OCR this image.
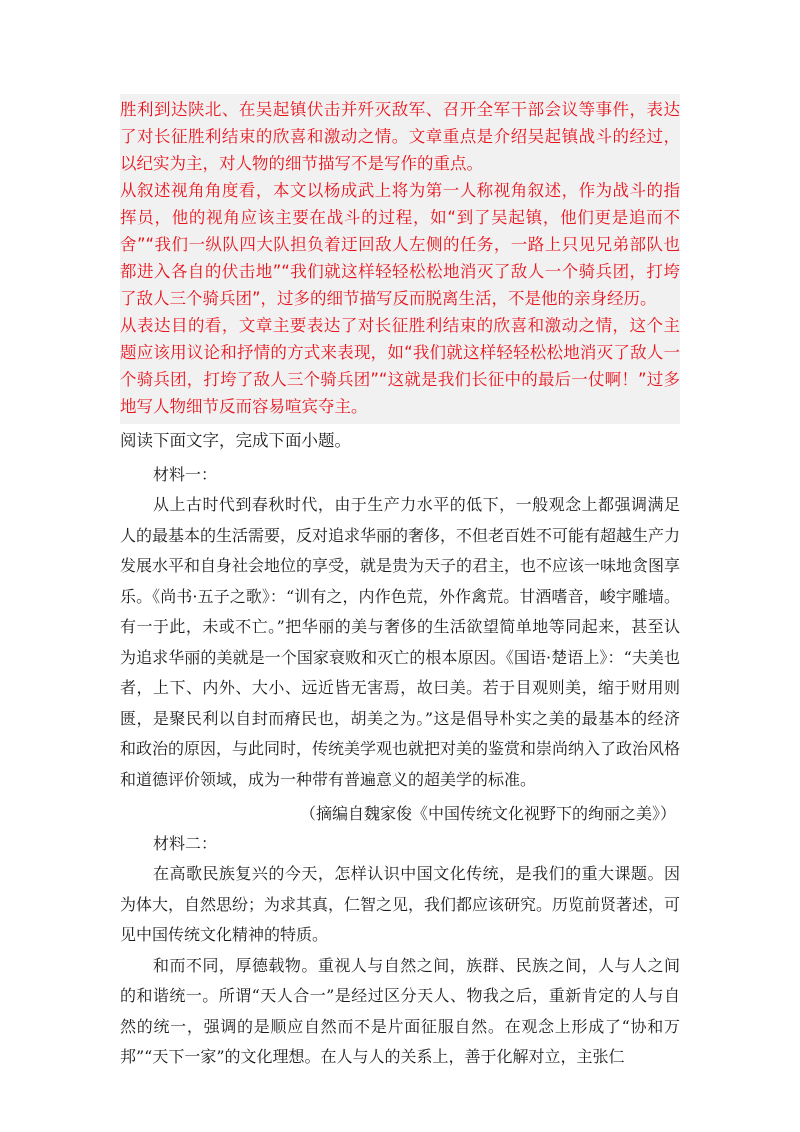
胜利到达陕北、在吴起镇伏击并歼灭敌军、召开全军干部会议等事件，表达了对长征胜利结束的欣喜和激动之情。文章重点是介绍吴起镇战斗的经过，以纪实为主，对人物的细节描写不是写作的重点。

从叙述视角角度看，本文以杨成武上将为第一人称视角叙述，作为战斗的指挥员，他的视角应该主要在战斗的过程，如“到了吴起镇，他们更是追而不舍”“我们一纵队四大队担负着迂回敌人左侧的任务，一路上只见兄弟部队也都进入各自的伏击地”“我们就这样轻轻松松地消灭了敌人一个骑兵团，打垮了敌人三个骑兵团”，过多的细节描写反而脱离生活，不是他的亲身经历。

从表达目的看，文章主要表达了对长征胜利结束的欣喜和激动之情，这个主题应该用议论和抒情的方式来表现，如“我们就这样轻轻松松地消灭了敌人一个骑兵团，打垮了敌人三个骑兵团”“这就是我们长征中的最后一仗啊！”过多地写人物细节反而容易喧宾夺主。

阅读下面文字，完成下面小题。

材料一：

从上古时代到春秋时代，由于生产力水平的低下，一般观念上都强调满足人的最基本的生活需要，反对追求华丽的奢侈，不但老百姓不可能有超越生产力发展水平和自身社会地位的享受，就是贵为天子的君主，也不应该一味地贪图享乐。《尚书·五子之歌》：“训有之，内作色荒，外作禽荒。甘酒嗜音，峻宇雕墙。有一于此，未或不亡。”把华丽的美与奢侈的生活欲望简单地等同起来，甚至认为追求华丽的美就是一个国家衰败和灭亡的根本原因。《国语·楚语上》：“夫美也者，上下、内外、大小、远近皆无害焉，故曰美。若于目观则美，缩于财用则匮，是聚民利以自封而瘠民也，胡美之为。”这是倡导朴实之美的最基本的经济和政治的原因，与此同时，传统美学观也就把对美的鉴赏和崇尚纳入了政治风格和道德评价领域，成为一种带有普遍意义的超美学的标准。

（摘编自魏家俊《中国传统文化视野下的绚丽之美》）

材料二：

在高歌民族复兴的今天，怎样认识中国文化传统，是我们的重大课题。因为体大，自然思纷；为求其真，仁智之见，我们都应该研究。历览前贤著述，可见中国传统文化精神的特质。

和而不同，厚德载物。重视人与自然之间，族群、民族之间，人与人之间的和谐统一。所谓“天人合一”是经过区分天人、物我之后，重新肯定的人与自然的统一，强调的是顺应自然而不是片面征服自然。在观念上形成了“协和万邦”“天下一家”的文化理想。在人与人的关系上，善于化解对立，主张仁
